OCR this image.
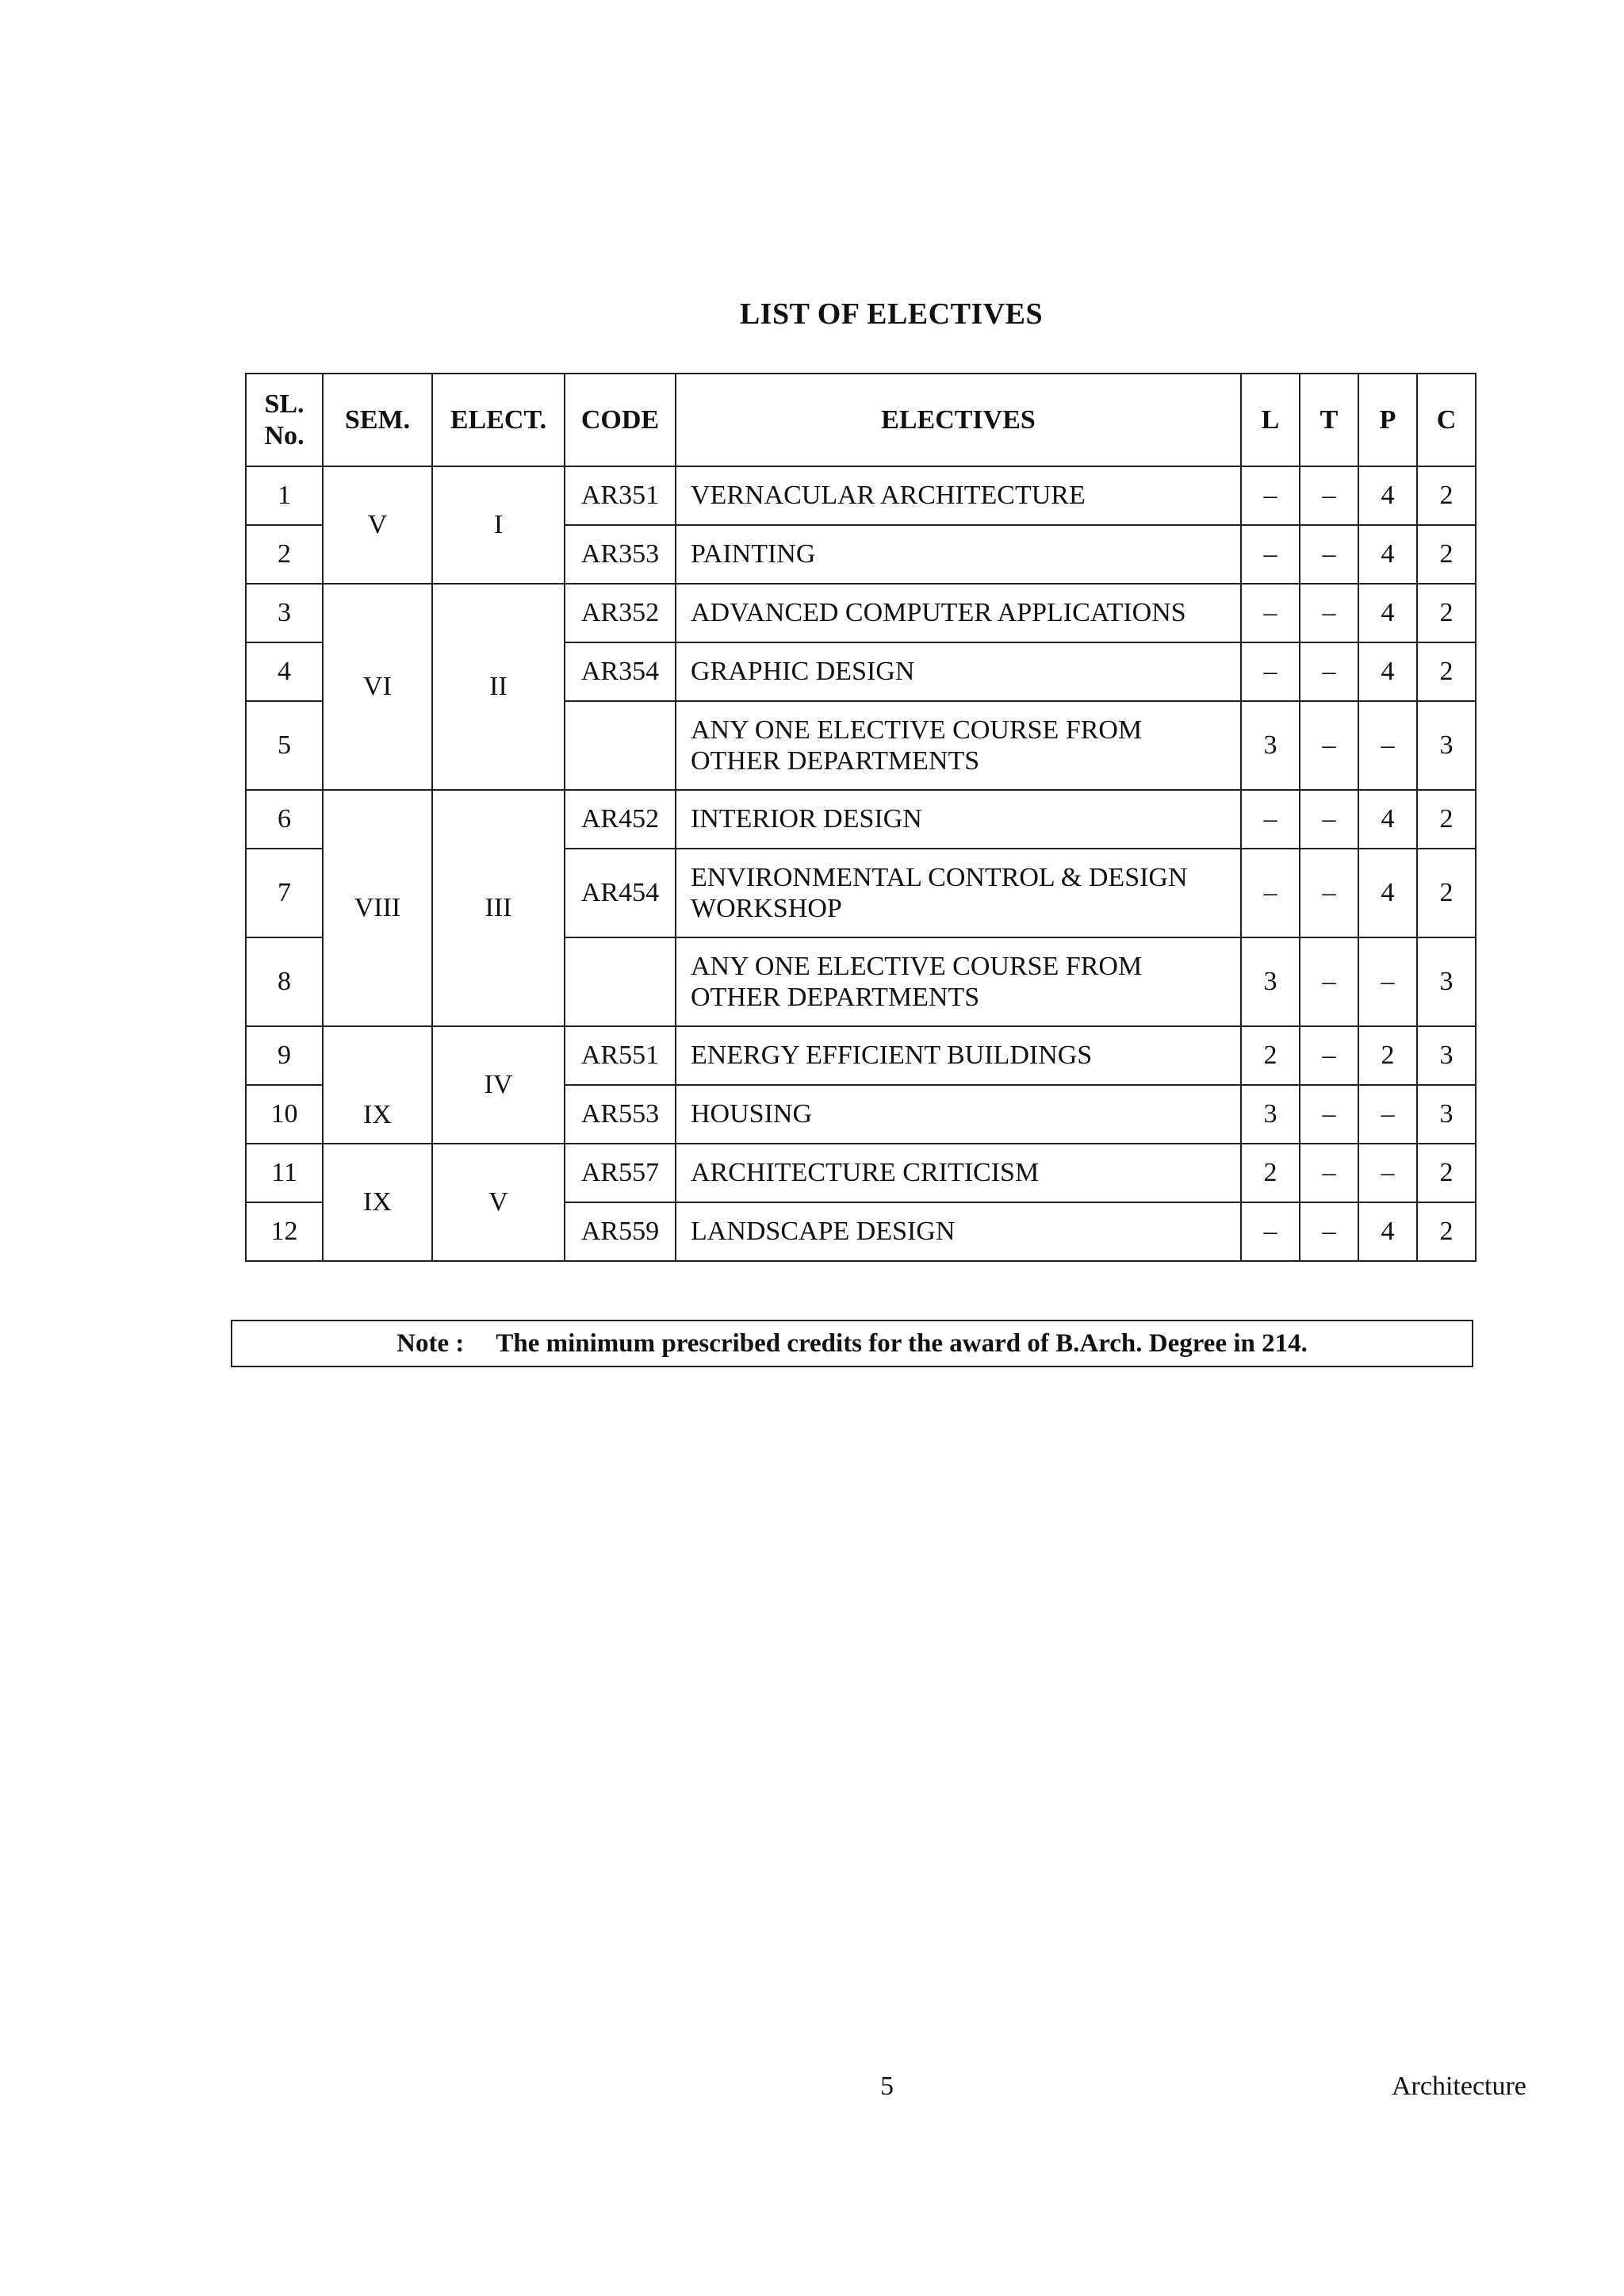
LIST OF ELECTIVES
SL.
No.	SEM.	ELECT.	CODE	ELECTIVES	L	T	P	C
1	V	I	AR351	VERNACULAR ARCHITECTURE	–	–	4	2
2			AR353	PAINTING	–	–	4	2
3	VI	II	AR352	ADVANCED COMPUTER APPLICATIONS	–	–	4	2
4			AR354	GRAPHIC DESIGN	–	–	4	2
5				ANY ONE ELECTIVE COURSE FROM
OTHER DEPARTMENTS	3	–	–	3
6	VIII	III	AR452	INTERIOR DESIGN	–	–	4	2
7			AR454	ENVIRONMENTAL CONTROL & DESIGN
WORKSHOP	–	–	4	2
8				ANY ONE ELECTIVE COURSE FROM
OTHER DEPARTMENTS	3	–	–	3
9	IX	IV	AR551	ENERGY EFFICIENT BUILDINGS	2	–	2	3
10			AR553	HOUSING	3	–	–	3
11	IX	V	AR557	ARCHITECTURE CRITICISM	2	–	–	2
12			AR559	LANDSCAPE DESIGN	–	–	4	2
Note : The minimum prescribed credits for the award of B.Arch. Degree in 214.
5	Architecture
